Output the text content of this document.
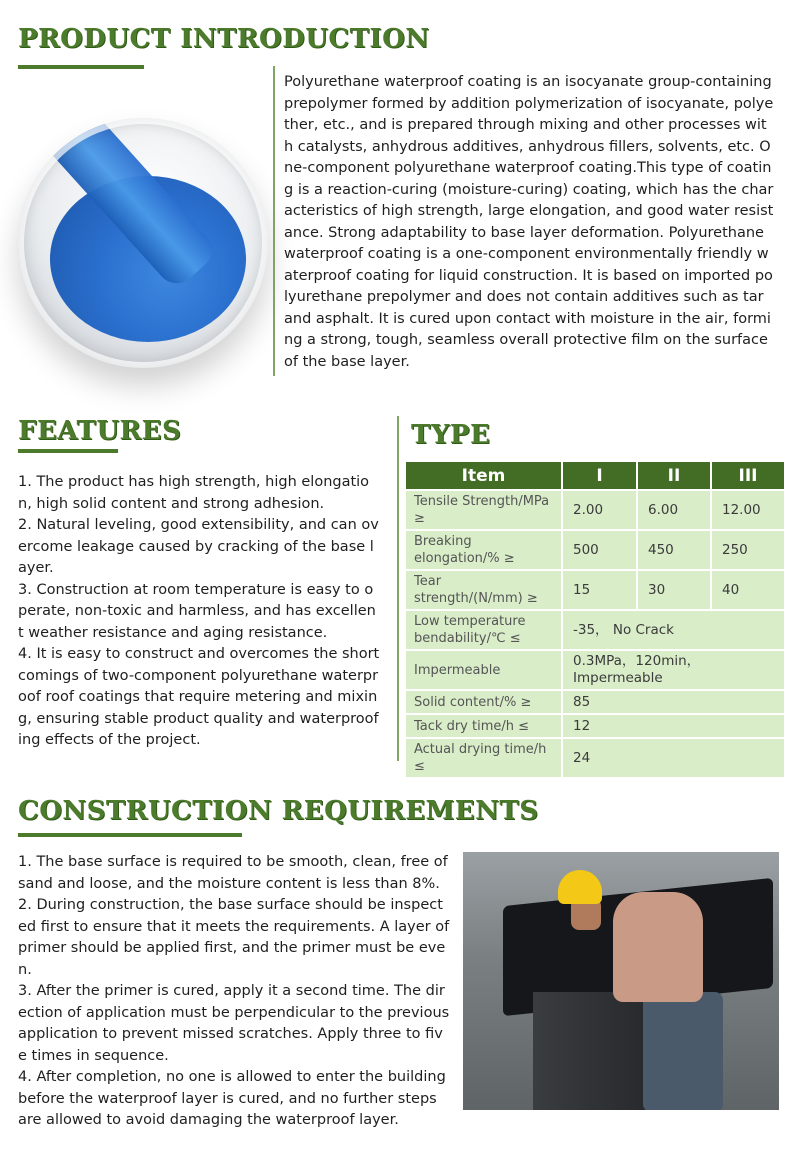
PRODUCT INTRODUCTION

Polyurethane waterproof coating is an isocyanate group-containing prepolymer formed by addition polymerization of isocyanate, polyether, etc., and is prepared through mixing and other processes with catalysts, anhydrous additives, anhydrous fillers, solvents, etc. One-component polyurethane waterproof coating.This type of coating is a reaction-curing (moisture-curing) coating, which has the characteristics of high strength, large elongation, and good water resistance. Strong adaptability to base layer deformation. Polyurethane waterproof coating is a one-component environmentally friendly waterproof coating for liquid construction. It is based on imported polyurethane prepolymer and does not contain additives such as tar and asphalt. It is cured upon contact with moisture in the air, forming a strong, tough, seamless overall protective film on the surface of the base layer.

FEATURES

1. The product has high strength, high elongation, high solid content and strong adhesion.

2. Natural leveling, good extensibility, and can overcome leakage caused by cracking of the base layer.

3. Construction at room temperature is easy to operate, non-toxic and harmless, and has excellent weather resistance and aging resistance.

4. It is easy to construct and overcomes the shortcomings of two-component polyurethane waterproof roof coatings that require metering and mixing, ensuring stable product quality and waterproofing effects of the project.

TYPE
Item	I	II	III
Tensile Strength/MPa ≥	2.00	6.00	12.00
Breaking elongation/% ≥	500	450	250
Tear strength/(N/mm) ≥	15	30	40
Low temperature bendability/℃ ≤	-35， No Crack		
Impermeable	0.3MPa，120min，Impermeable		
Solid content/% ≥	85		
Tack dry time/h ≤	12		
Actual drying time/h ≤	24		
CONSTRUCTION REQUIREMENTS

1. The base surface is required to be smooth, clean, free of sand and loose, and the moisture content is less than 8%.

2. During construction, the base surface should be inspected first to ensure that it meets the requirements. A layer of primer should be applied first, and the primer must be even.

3. After the primer is cured, apply it a second time. The direction of application must be perpendicular to the previous application to prevent missed scratches. Apply three to five times in sequence.

4. After completion, no one is allowed to enter the building before the waterproof layer is cured, and no further steps are allowed to avoid damaging the waterproof layer.
